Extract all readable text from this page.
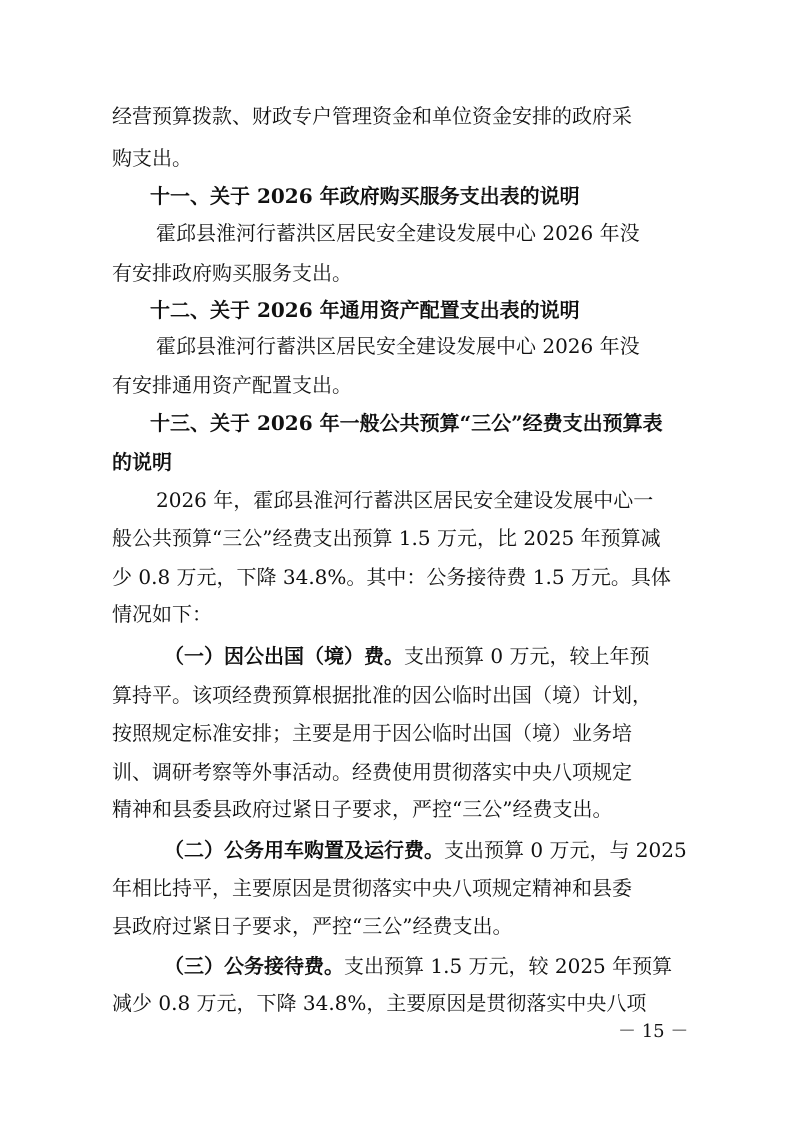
经营预算拨款、财政专户管理资金和单位资金安排的政府采
购支出。
十一、关于 2026 年政府购买服务支出表的说明
霍邱县淮河行蓄洪区居民安全建设发展中心 2026 年没
有安排政府购买服务支出。
十二、关于 2026 年通用资产配置支出表的说明
霍邱县淮河行蓄洪区居民安全建设发展中心 2026 年没
有安排通用资产配置支出。
十三、关于 2026 年一般公共预算“三公”经费支出预算表
的说明
2026 年，霍邱县淮河行蓄洪区居民安全建设发展中心一
般公共预算“三公”经费支出预算 1.5 万元，比 2025 年预算减
少 0.8 万元，下降 34.8%。其中：公务接待费 1.5 万元。具体
情况如下：
（一）因公出国（境）费。支出预算 0 万元，较上年预
算持平。该项经费预算根据批准的因公临时出国（境）计划，
按照规定标准安排；主要是用于因公临时出国（境）业务培
训、调研考察等外事活动。经费使用贯彻落实中央八项规定
精神和县委县政府过紧日子要求，严控“三公”经费支出。
（二）公务用车购置及运行费。支出预算 0 万元，与 2025
年相比持平，主要原因是贯彻落实中央八项规定精神和县委
县政府过紧日子要求，严控“三公”经费支出。
（三）公务接待费。支出预算 1.5 万元，较 2025 年预算
减少 0.8 万元，下降 34.8%，主要原因是贯彻落实中央八项
－ 15 －
